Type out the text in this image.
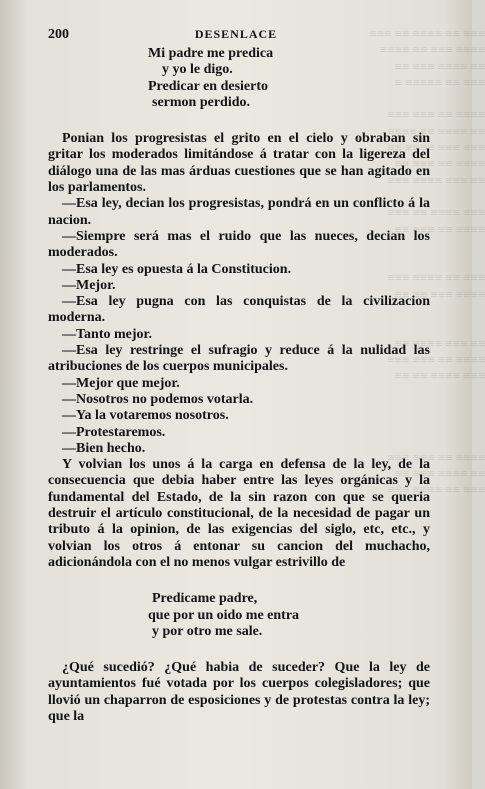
≡≡≡ ≡≡ ≡≡≡≡ ≡≡ ≡≡≡
≡≡≡≡ ≡≡≡ ≡≡ ≡≡≡≡
≡≡ ≡≡≡≡ ≡≡≡ ≡≡
≡≡≡ ≡≡ ≡≡≡≡≡ ≡

≡≡≡≡ ≡≡ ≡≡≡ ≡≡≡
≡≡ ≡≡≡≡ ≡≡ ≡≡≡≡
≡≡≡ ≡≡≡ ≡≡≡≡ ≡≡
≡≡≡≡ ≡≡ ≡≡≡ ≡≡
≡≡ ≡≡≡ ≡≡≡≡ ≡≡≡

≡≡≡ ≡≡≡≡ ≡≡ ≡≡≡
≡≡≡≡ ≡≡ ≡≡≡ ≡≡

≡≡≡ ≡≡ ≡≡≡≡ ≡≡≡
≡≡≡≡ ≡≡≡ ≡≡ ≡≡

≡≡ ≡≡≡ ≡≡≡≡ ≡≡
≡≡≡≡ ≡≡ ≡≡≡ ≡≡≡
≡≡≡ ≡≡≡≡ ≡≡ ≡≡

≡≡≡≡ ≡≡ ≡≡≡ ≡≡≡
≡≡ ≡≡≡≡ ≡≡≡ ≡≡
≡≡≡ ≡≡ ≡≡≡≡ ≡≡≡
200	DESENLACE
Mi padre me predica
y yo le digo.
Predicar en desierto
sermon perdido.

Ponian los progresistas el grito en el cielo y obraban sin gritar los moderados limitándose á tratar con la ligereza del diálogo una de las mas árduas cuestiones que se han agitado en los parlamentos.

—Esa ley, decian los progresistas, pondrá en un conflicto á la nacion.

—Siempre será mas el ruido que las nueces, decian los moderados.

—Esa ley es opuesta á la Constitucion.

—Mejor.

—Esa ley pugna con las conquistas de la civilizacion moderna.

—Tanto mejor.

—Esa ley restringe el sufragio y reduce á la nulidad las atribuciones de los cuerpos municipales.

—Mejor que mejor.

—Nosotros no podemos votarla.

—Ya la votaremos nosotros.

—Protestaremos.

—Bien hecho.

Y volvian los unos á la carga en defensa de la ley, de la consecuencia que debia haber entre las leyes orgánicas y la fundamental del Estado, de la sin razon con que se queria destruir el artículo constitucional, de la necesidad de pagar un tributo á la opinion, de las exigencias del siglo, etc, etc., y volvian los otros á entonar su cancion del muchacho, adicionándola con el no menos vulgar estrivillo de

Predicame padre,
que por un oido me entra
y por otro me sale.

¿Qué sucedió? ¿Qué habia de suceder? Que la ley de ayuntamientos fué votada por los cuerpos colegisladores; que llovió un chaparron de esposiciones y de protestas contra la ley; que la
